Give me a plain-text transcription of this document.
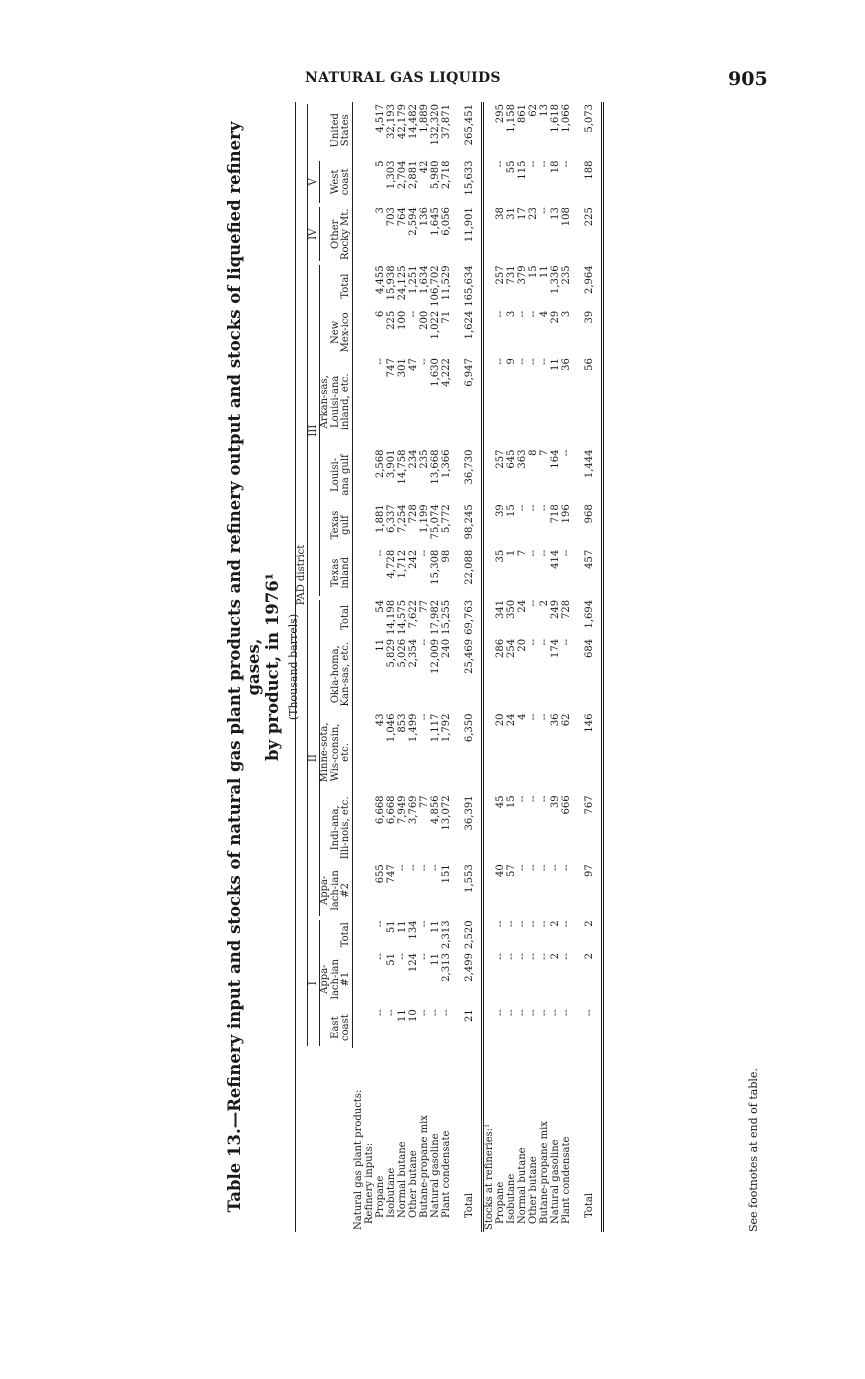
NATURAL GAS LIQUIDS	905
Table 13.—Refinery input and stocks of natural gas plant products and refinery output and stocks of liquefied refinery gases,
by product, in 1976¹ (Thousand barrels)
	PAD district																

	I			II					III						IV	V	

	East coast	Appa-lach-ian #1	Total	Appa-lach-ian #2	Indi-ana, Illi-nois, etc.	Minne-sota, Wis-consin, etc.	Okla-homa, Kan-sas, etc.	Total	Texas inland	Texas gulf	Louisi-ana gulf	Arkan-sas, Louisi-ana inland, etc.	New Mex-ico	Total	Other Rocky Mt.	West coast	United States
Natural gas plant products:																	
Refinery inputs:																	
Propane	--	--	--	655	6,668	43	11	54	--	1,881	2,568	--	6	4,455	3	5	4,517
Isobutane	--	51	51	747	6,668	1,046	5,829	14,198	4,728	6,337	3,901	747	225	15,938	703	1,303	32,193
Normal butane	11	--	11	--	7,949	853	5,026	14,575	1,712	7,254	14,758	301	100	24,125	764	2,704	42,179
Other butane	10	124	134	--	3,769	1,499	2,354	7,622	242	728	234	47	--	1,251	2,594	2,881	14,482
Butane-propane mix	--	--	--	--	77	--	--	77	--	1,199	235	--	200	1,634	136	42	1,889
Natural gasoline	--	11	11	--	4,856	1,117	12,009	17,982	15,308	75,074	13,668	1,630	1,022	106,702	1,645	5,980	132,320
Plant condensate	--	2,313	2,313	151	13,072	1,792	240	15,255	98	5,772	1,366	4,222	71	11,529	6,056	2,718	37,871
Total	21	2,499	2,520	1,553	36,391	6,350	25,469	69,763	22,088	98,245	36,730	6,947	1,624	165,634	11,901	15,633	265,451
Stocks at refineries:¹																	
Propane	--	--	--	40	45	20	286	341	35	39	257	--	--	257	38	--	295
Isobutane	--	--	--	57	15	24	254	350	1	15	645	9	3	731	31	55	1,158
Normal butane	--	--	--	--	--	4	20	24	7	--	363	--	--	379	17	115	861
Other butane	--	--	--	--	--	--	--	--	--	--	8	--	--	15	23	--	62
Butane-propane mix	--	--	--	--	--	--	--	2	--	--	7	--	4	11	--	--	13
Natural gasoline	--	2	2	--	39	36	174	249	414	718	164	11	29	1,336	13	18	1,618
Plant condensate	--	--	--	--	666	62	--	728	--	196	--	36	3	235	108	--	1,066
Total	--	2	2	97	767	146	684	1,694	457	968	1,444	56	39	2,964	225	188	5,073
See footnotes at end of table.
